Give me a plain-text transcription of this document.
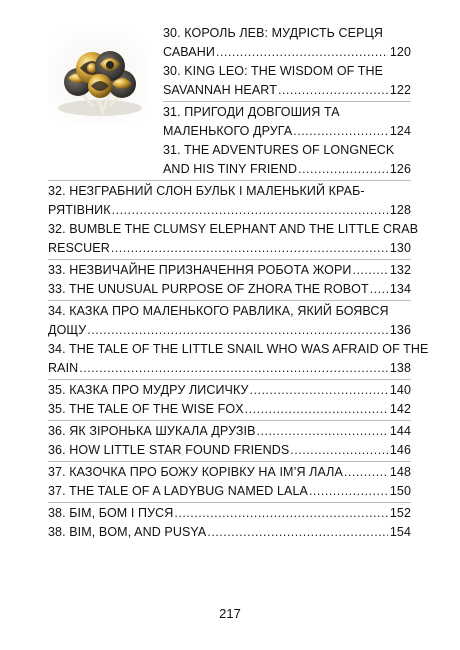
30. КОРОЛЬ ЛЕВ: МУДРІСТЬ СЕРЦЯ
САВАНИ .....	120
30. KING LEO: THE WISDOM OF THE
SAVANNAH HEART .....	122
31. ПРИГОДИ ДОВГОШИЯ ТА
МАЛЕНЬКОГО ДРУГА .....	124
31. THE ADVENTURES OF LONGNECK
AND HIS TINY FRIEND .....	126
32. НЕЗГРАБНИЙ СЛОН БУЛЬК І МАЛЕНЬКИЙ КРАБ-
РЯТІВНИК .....	128
32. BUMBLE THE CLUMSY ELEPHANT AND THE LITTLE CRAB
RESCUER .....	130
33. НЕЗВИЧАЙНЕ ПРИЗНАЧЕННЯ РОБОТА ЖОРИ .....	132
33. THE UNUSUAL PURPOSE OF ZHORA THE ROBOT ..... 134
34. КАЗКА ПРО МАЛЕНЬКОГО РАВЛИКА, ЯКИЙ БОЯВСЯ
ДОЩУ .....	136
34. THE TALE OF THE LITTLE SNAIL WHO WAS AFRAID OF THE
RAIN .....	138
35. КАЗКА ПРО МУДРУ ЛИСИЧКУ .....	140
35. THE TALE OF THE WISE FOX .....	142
36. ЯК ЗІРОНЬКА ШУКАЛА ДРУЗІВ .....	144
36. HOW LITTLE STAR FOUND FRIENDS .....	146
37. КАЗОЧКА ПРО БОЖУ КОРІВКУ НА ІМ’Я ЛАЛА .....	148
37. THE TALE OF A LADYBUG NAMED LALA .....	150
38. БІМ, БОМ І ПУСЯ .....	152
38. BIM, BOM, AND PUSYA .....	154
217
